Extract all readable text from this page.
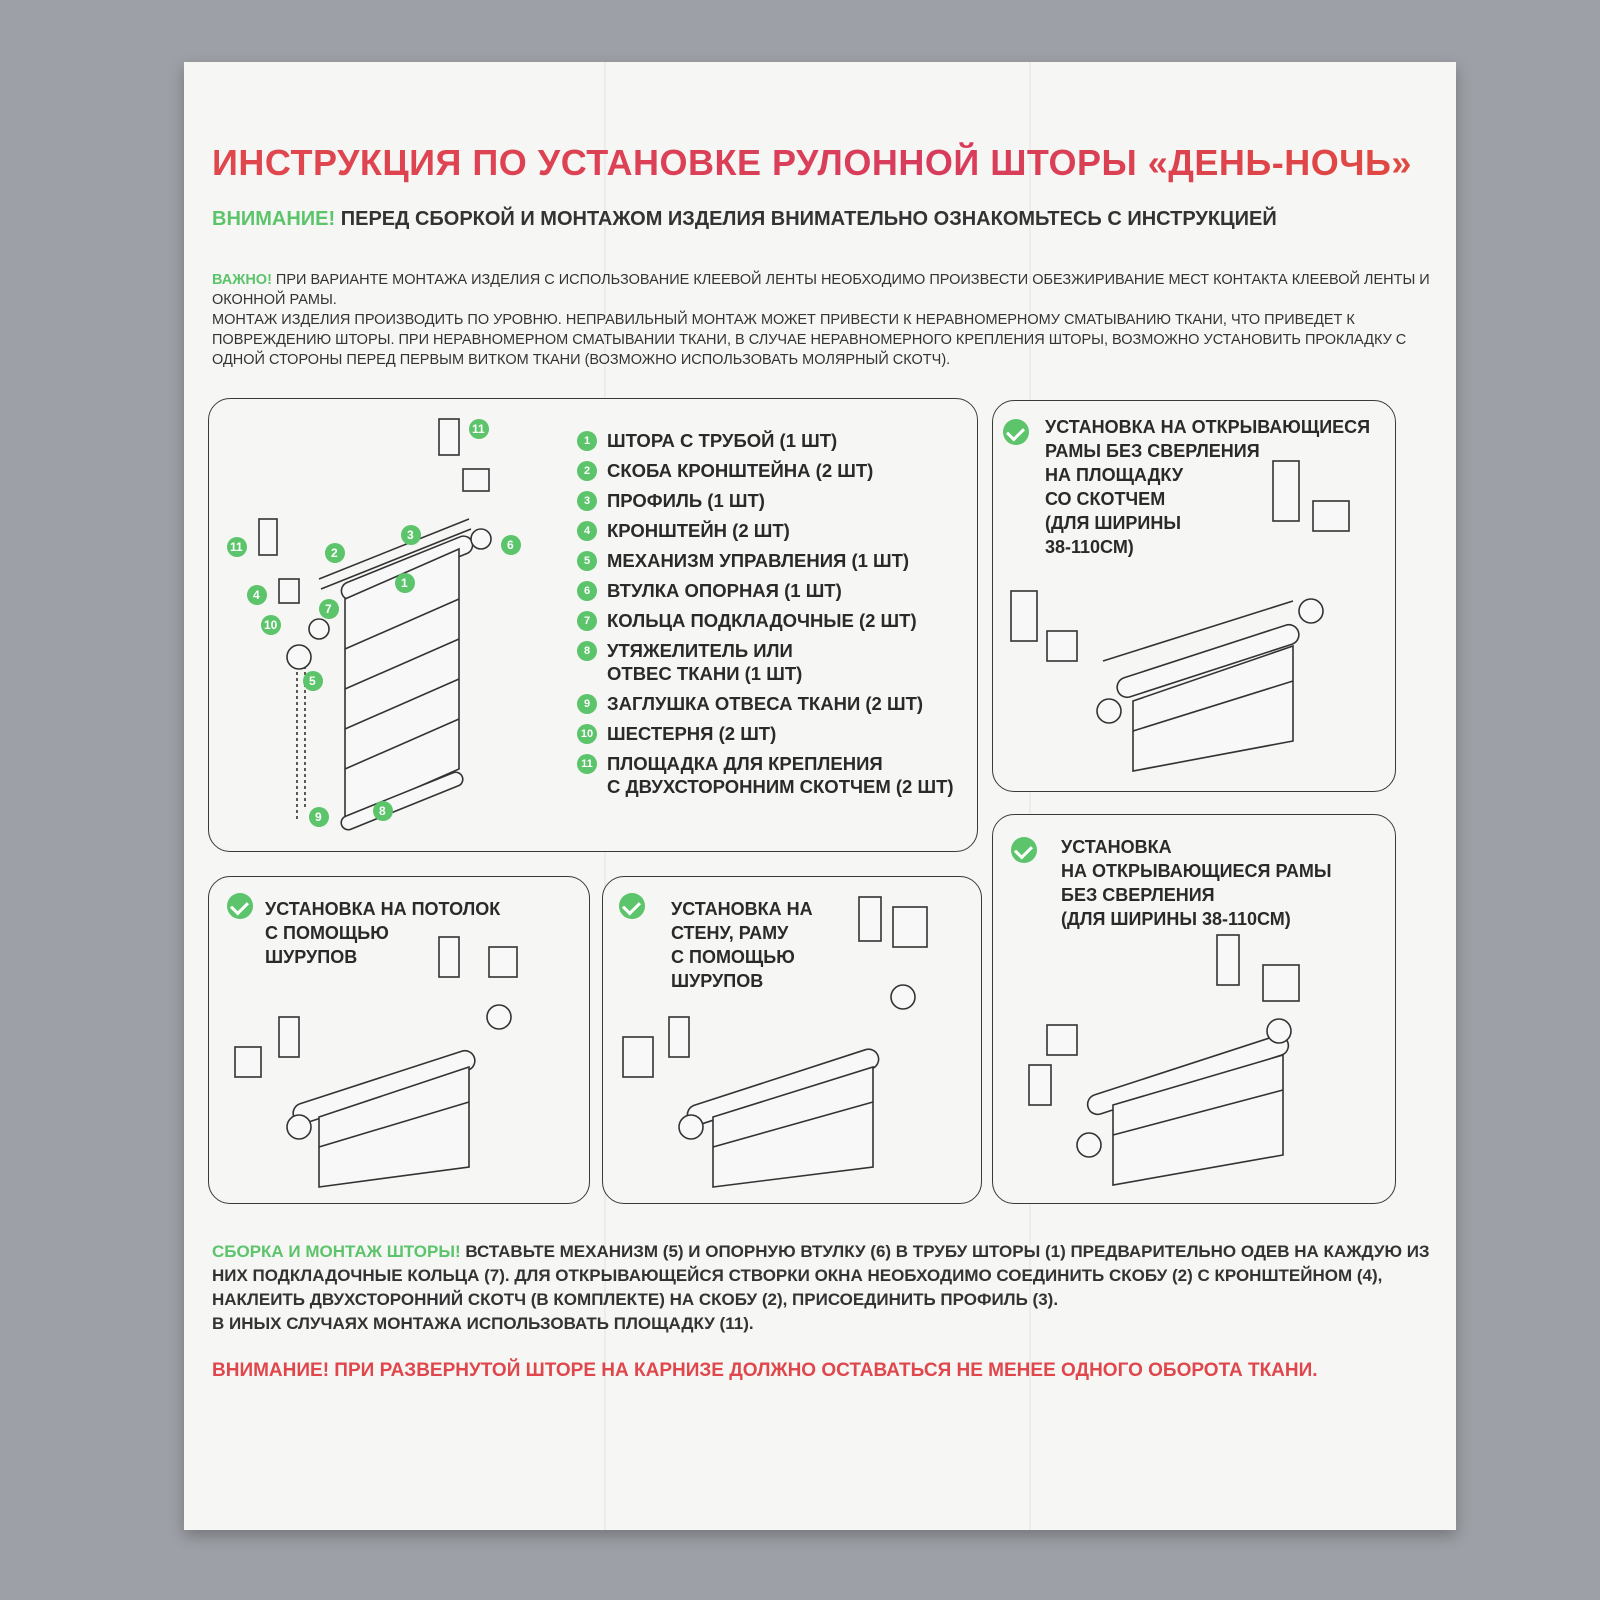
ИНСТРУКЦИЯ ПО УСТАНОВКЕ РУЛОННОЙ ШТОРЫ «ДЕНЬ-НОЧЬ»
ВНИМАНИЕ! ПЕРЕД СБОРКОЙ И МОНТАЖОМ ИЗДЕЛИЯ ВНИМАТЕЛЬНО ОЗНАКОМЬТЕСЬ С ИНСТРУКЦИЕЙ

ВАЖНО! ПРИ ВАРИАНТЕ МОНТАЖА ИЗДЕЛИЯ С ИСПОЛЬЗОВАНИЕ КЛЕЕВОЙ ЛЕНТЫ НЕОБХОДИМО ПРОИЗВЕСТИ ОБЕЗЖИРИВАНИЕ МЕСТ КОНТАКТА КЛЕЕВОЙ ЛЕНТЫ И ОКОННОЙ РАМЫ.

МОНТАЖ ИЗДЕЛИЯ ПРОИЗВОДИТЬ ПО УРОВНЮ. НЕПРАВИЛЬНЫЙ МОНТАЖ МОЖЕТ ПРИВЕСТИ К НЕРАВНОМЕРНОМУ СМАТЫВАНИЮ ТКАНИ, ЧТО ПРИВЕДЕТ К ПОВРЕЖДЕНИЮ ШТОРЫ. ПРИ НЕРАВНОМЕРНОМ СМАТЫВАНИИ ТКАНИ, В СЛУЧАЕ НЕРАВНОМЕРНОГО КРЕПЛЕНИЯ ШТОРЫ, ВОЗМОЖНО УСТАНОВИТЬ ПРОКЛАДКУ С ОДНОЙ СТОРОНЫ ПЕРЕД ПЕРВЫМ ВИТКОМ ТКАНИ (ВОЗМОЖНО ИСПОЛЬЗОВАТЬ МОЛЯРНЫЙ СКОТЧ).

11
11	2
3
1
6
4
7
10
5
8
9
1 ШТОРА С ТРУБОЙ (1 ШТ)
2 СКОБА КРОНШТЕЙНА (2 ШТ)
3 ПРОФИЛЬ (1 ШТ)
4 КРОНШТЕЙН (2 ШТ)
5 МЕХАНИЗМ УПРАВЛЕНИЯ (1 ШТ)
6 ВТУЛКА ОПОРНАЯ (1 ШТ)
7 КОЛЬЦА ПОДКЛАДОЧНЫЕ (2 ШТ)
8 УТЯЖЕЛИТЕЛЬ ИЛИ
ОТВЕС ТКАНИ (1 ШТ)
9 ЗАГЛУШКА ОТВЕСА ТКАНИ (2 ШТ)
10 ШЕСТЕРНЯ (2 ШТ)
11 ПЛОЩАДКА ДЛЯ КРЕПЛЕНИЯ
С ДВУХСТОРОННИМ СКОТЧЕМ (2 ШТ)
УСТАНОВКА НА ОТКРЫВАЮЩИЕСЯ
РАМЫ БЕЗ СВЕРЛЕНИЯ
НА ПЛОЩАДКУ
СО СКОТЧЕМ
(ДЛЯ ШИРИНЫ
38-110СМ)
УСТАНОВКА НА ПОТОЛОК
С ПОМОЩЬЮ
ШУРУПОВ
УСТАНОВКА НА
СТЕНУ, РАМУ
С ПОМОЩЬЮ
ШУРУПОВ
УСТАНОВКА
НА ОТКРЫВАЮЩИЕСЯ РАМЫ
БЕЗ СВЕРЛЕНИЯ
(ДЛЯ ШИРИНЫ 38-110СМ)

СБОРКА И МОНТАЖ ШТОРЫ! ВСТАВЬТЕ МЕХАНИЗМ (5) И ОПОРНУЮ ВТУЛКУ (6) В ТРУБУ ШТОРЫ (1) ПРЕДВАРИТЕЛЬНО ОДЕВ НА КАЖДУЮ ИЗ НИХ ПОДКЛАДОЧНЫЕ КОЛЬЦА (7). ДЛЯ ОТКРЫВАЮЩЕЙСЯ СТВОРКИ ОКНА НЕОБХОДИМО СОЕДИНИТЬ СКОБУ (2) С КРОНШТЕЙНОМ (4), НАКЛЕИТЬ ДВУХСТОРОННИЙ СКОТЧ (В КОМПЛЕКТЕ) НА СКОБУ (2), ПРИСОЕДИНИТЬ ПРОФИЛЬ (3).

В ИНЫХ СЛУЧАЯХ МОНТАЖА ИСПОЛЬЗОВАТЬ ПЛОЩАДКУ (11).

ВНИМАНИЕ! ПРИ РАЗВЕРНУТОЙ ШТОРЕ НА КАРНИЗЕ ДОЛЖНО ОСТАВАТЬСЯ НЕ МЕНЕЕ ОДНОГО ОБОРОТА ТКАНИ.
